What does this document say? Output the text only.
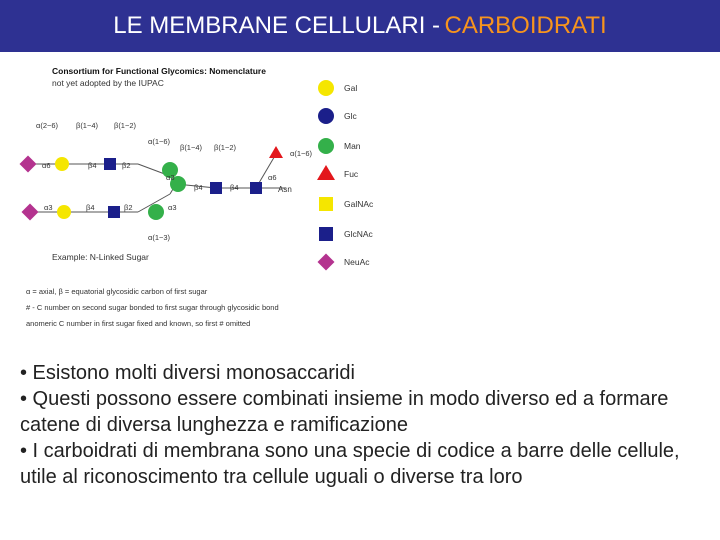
LE MEMBRANE CELLULARI -
CARBOIDRATI
Consortium for Functional Glycomics: Nomenclature
not yet adopted by the IUPAC
α(2−6) β(1−4) β(1−2)
α(1−6)
β(1−4) β(1−2)
α(1−6)
α6	β4	β2
α3
β4	β4
α6
α3	β4	β2	α3
α(1−3)
Asn
Example: N-Linked Sugar
Gal
Glc
Man
Fuc
GalNAc
GlcNAc
NeuAc
α = axial, β = equatorial glycosidic carbon of first sugar
# - C number on second sugar bonded to first sugar through glycosidic bond
anomeric C number in first sugar fixed and known, so first # omitted

• Esistono molti diversi monosaccaridi

• Questi possono essere combinati insieme in modo diverso ed a formare catene di diversa lunghezza e ramificazione

• I carboidrati di membrana sono una specie di codice a barre delle cellule, utile al riconoscimento tra cellule uguali o diverse tra loro
